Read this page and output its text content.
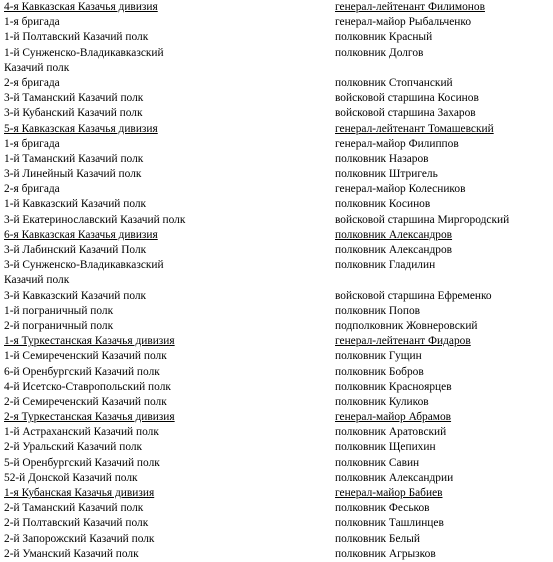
4-я Кавказская Казачья дивизия	генерал-лейтенант Филимонов
1-я бригада	генерал-майор Рыбальченко
1-й Полтавский Казачий полк	полковник Красный
1-й Сунженско-Владикавказский	полковник Долгов
Казачий полк
2-я бригада	полковник Стопчанский
3-й Таманский Казачий полк	войсковой старшина Косинов
3-й Кубанский Казачий полк	войсковой старшина Захаров
5-я Кавказская Казачья дивизия	генерал-лейтенант Томашевский
1-я бригада	генерал-майор Филиппов
1-й Таманский Казачий полк	полковник Назаров
3-й Линейный Казачий полк	полковник Штригель
2-я бригада	генерал-майор Колесников
1-й Кавказский Казачий полк	полковник Косинов
3-й Екатеринославский Казачий полк	войсковой старшина Миргородский
6-я Кавказская Казачья дивизия	полковник Александров
3-й Лабинский Казачий Полк	полковник Александров
3-й Сунженско-Владикавказский	полковник Гладилин
Казачий полк
3-й Кавказский Казачий полк	войсковой старшина Ефременко
1-й пограничный полк	полковник Попов
2-й пограничный полк	подполковник Жовнеровский
1-я Туркестанская Казачья дивизия	генерал-лейтенант Фидаров
1-й Семиреченский Казачий полк	полковник Гущин
6-й Оренбургский Казачий полк	полковник Бобров
4-й Исетско-Ставропольский полк	полковник Краснoярцев
2-й Семиреченский Казачий полк	полковник Куликов
2-я Туркестанская Казачья дивизия	генерал-майор Абрамов
1-й Астраханский Казачий полк	полковник Аратовский
2-й Уральский Казачий полк	полковник Щепихин
5-й Оренбургский Казачий полк	полковник Савин
52-й Донской Казачий полк	полковник Александрии
1-я Кубанская Казачья дивизия	генерал-майор Бабиев
2-й Таманский Казачий полк	полковник Феськов
2-й Полтавский Казачий полк	полковник Ташлинцев
2-й Запорожский Казачий полк	полковник Белый
2-й Уманский Казачий полк	полковник Агрызков
